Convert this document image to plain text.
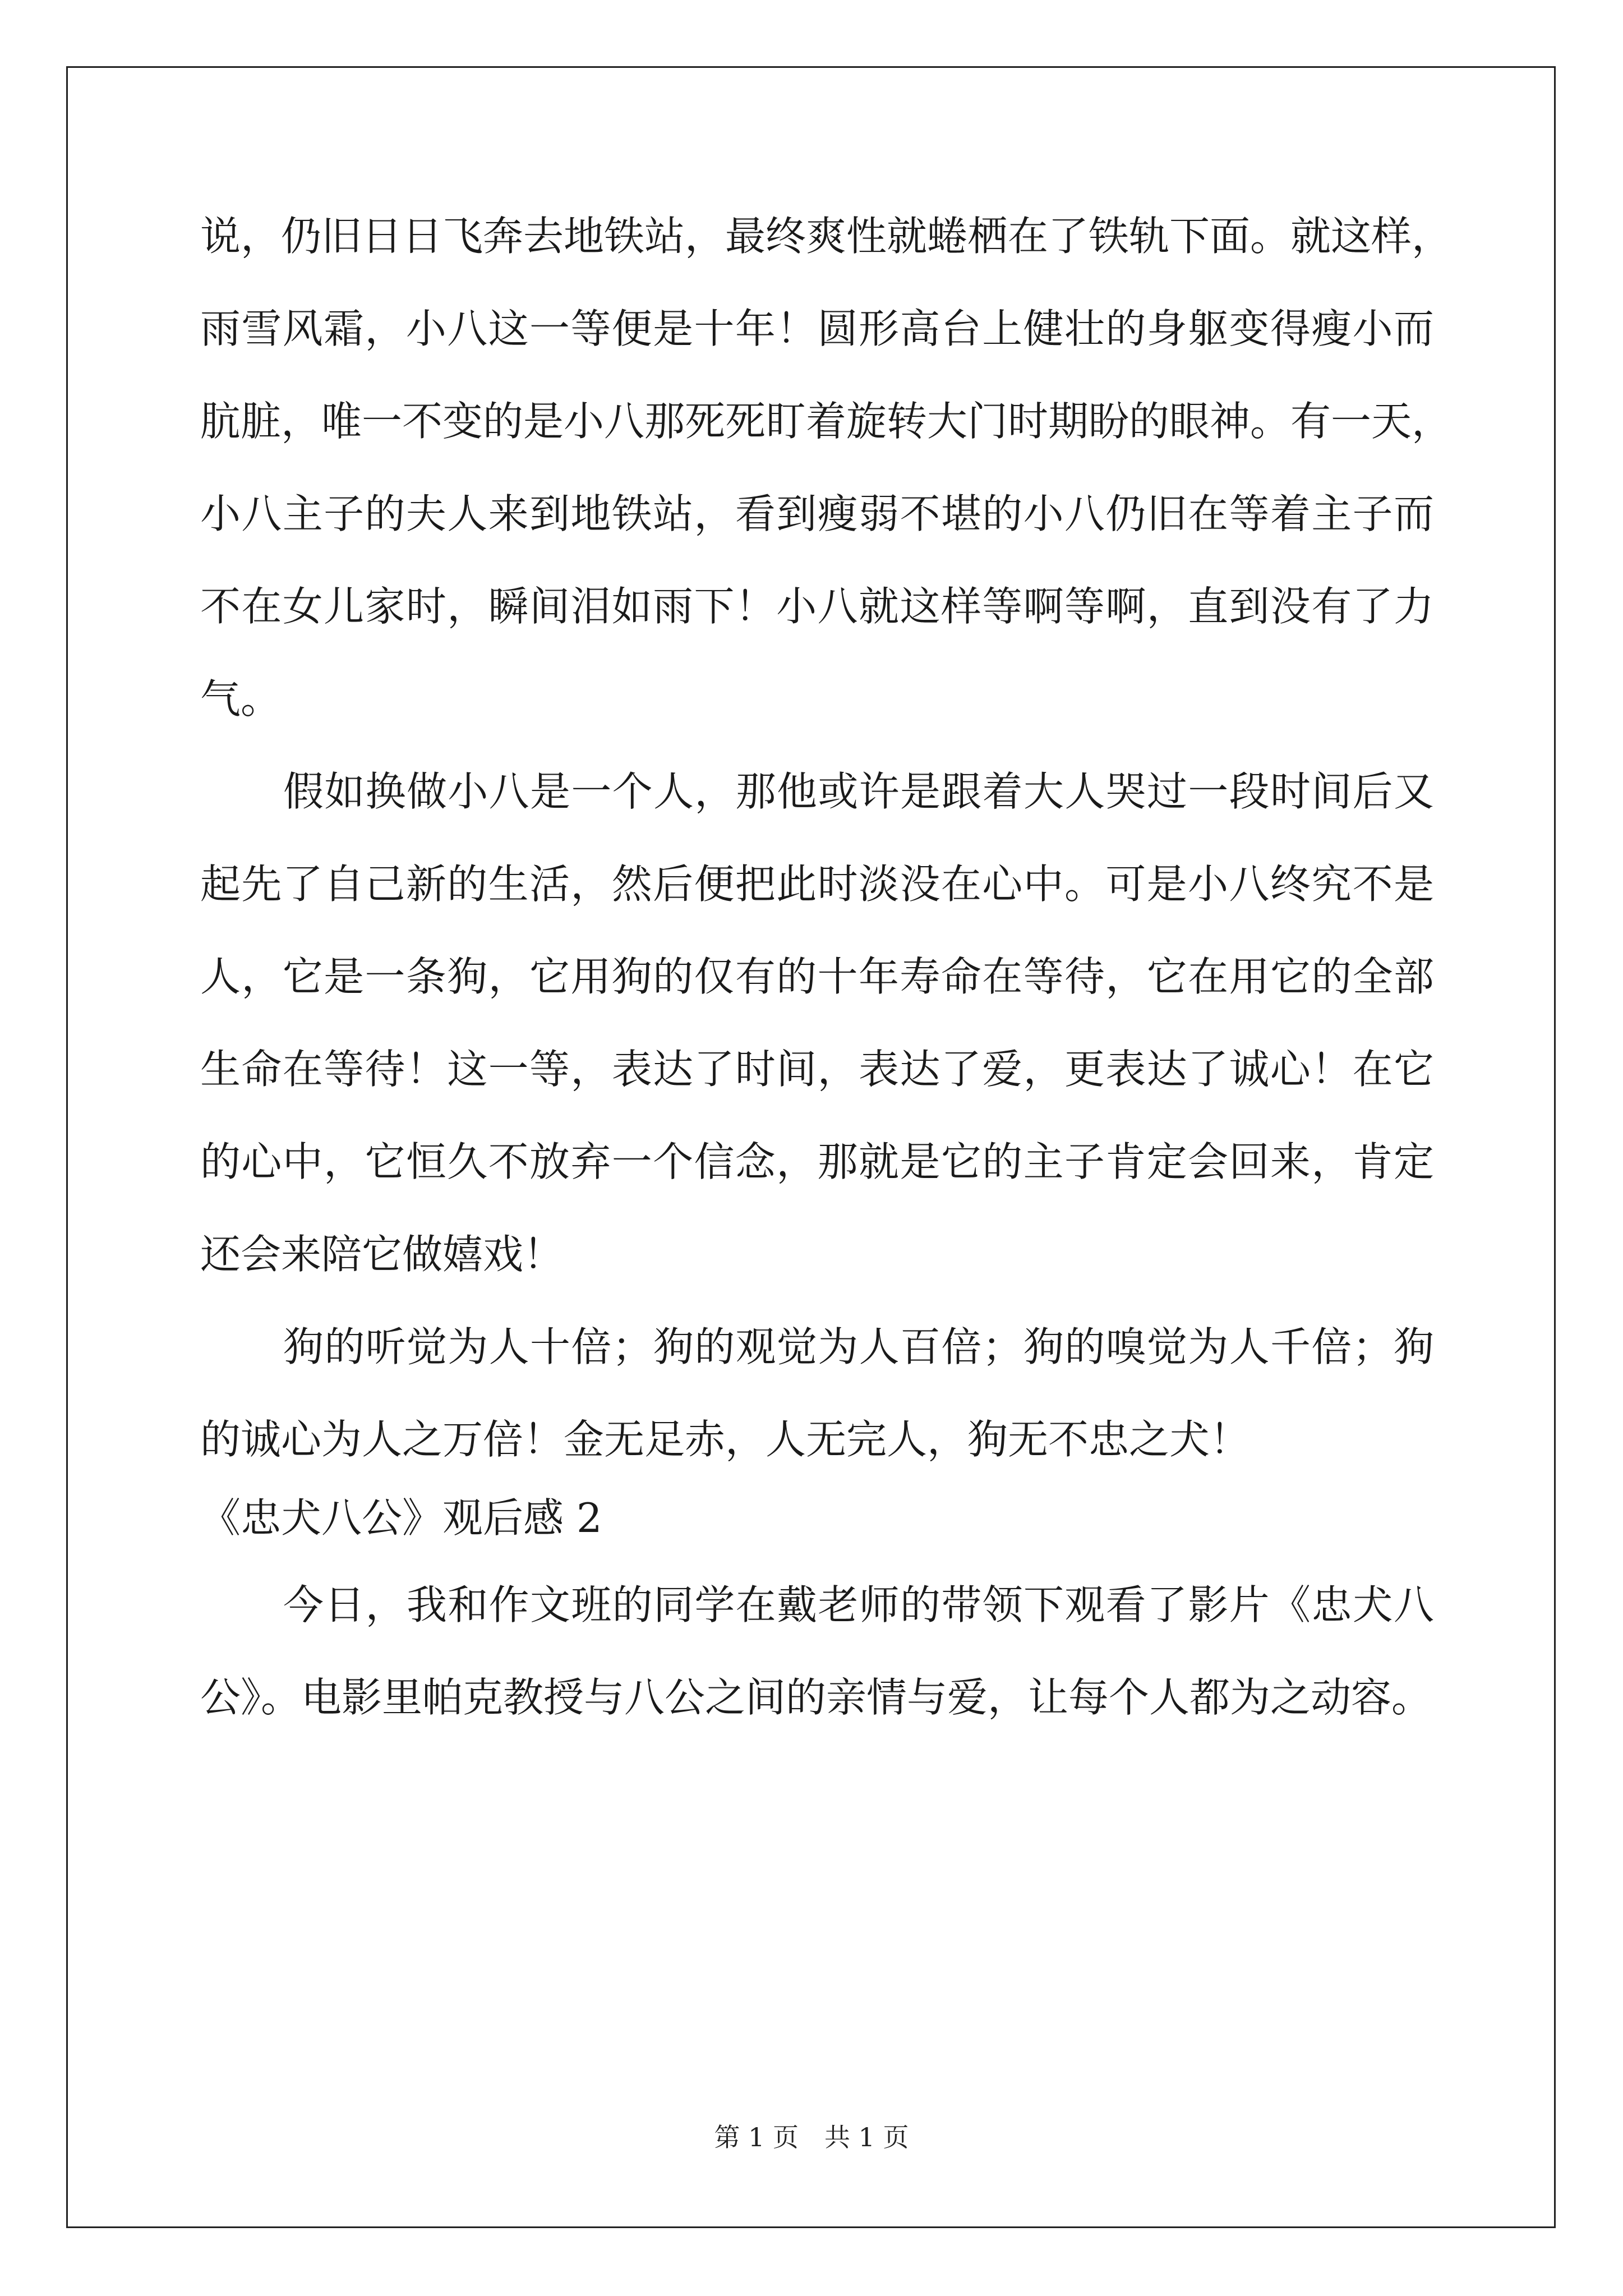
说，仍旧日日飞奔去地铁站，最终爽性就蜷栖在了铁轨下面。就这样，
雨雪风霜，小八这一等便是十年！圆形高台上健壮的身躯变得瘦小而
肮脏，唯一不变的是小八那死死盯着旋转大门时期盼的眼神。有一天，
小八主子的夫人来到地铁站，看到瘦弱不堪的小八仍旧在等着主子而
不在女儿家时，瞬间泪如雨下！小八就这样等啊等啊，直到没有了力
气。
假如换做小八是一个人，那他或许是跟着大人哭过一段时间后又
起先了自己新的生活，然后便把此时淡没在心中。可是小八终究不是
人，它是一条狗，它用狗的仅有的十年寿命在等待，它在用它的全部
生命在等待！这一等，表达了时间，表达了爱，更表达了诚心！在它
的心中，它恒久不放弃一个信念，那就是它的主子肯定会回来，肯定
还会来陪它做嬉戏！
狗的听觉为人十倍；狗的观觉为人百倍；狗的嗅觉为人千倍；狗
的诚心为人之万倍！金无足赤，人无完人，狗无不忠之犬！
《忠犬八公》观后感 2
今日，我和作文班的同学在戴老师的带领下观看了影片《忠犬八
公》。电影里帕克教授与八公之间的亲情与爱，让每个人都为之动容。
第 1 页　共 1 页
